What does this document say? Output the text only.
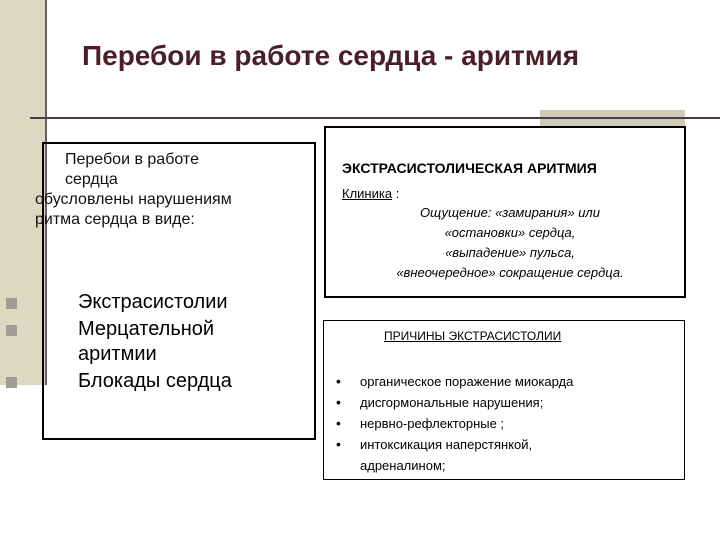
Перебои в работе сердца - аритмия
Перебои в работе
сердца
обусловлены нарушениям
ритма сердца в виде:
Экстрасистолии
Мерцательной
аритмии
Блокады сердца
ЭКСТРАСИСТОЛИЧЕСКАЯ АРИТМИЯ
Клиника :
Ощущение: «замирания» или
«остановки» сердца,
«выпадение» пульса,
«внеочередное» сокращение сердца.
ПРИЧИНЫ ЭКСТРАСИСТОЛИИ
• органическое поражение миокарда
• дисгормональные нарушения;
• нервно-рефлекторные ;
• интоксикация наперстянкой,
адреналином;
